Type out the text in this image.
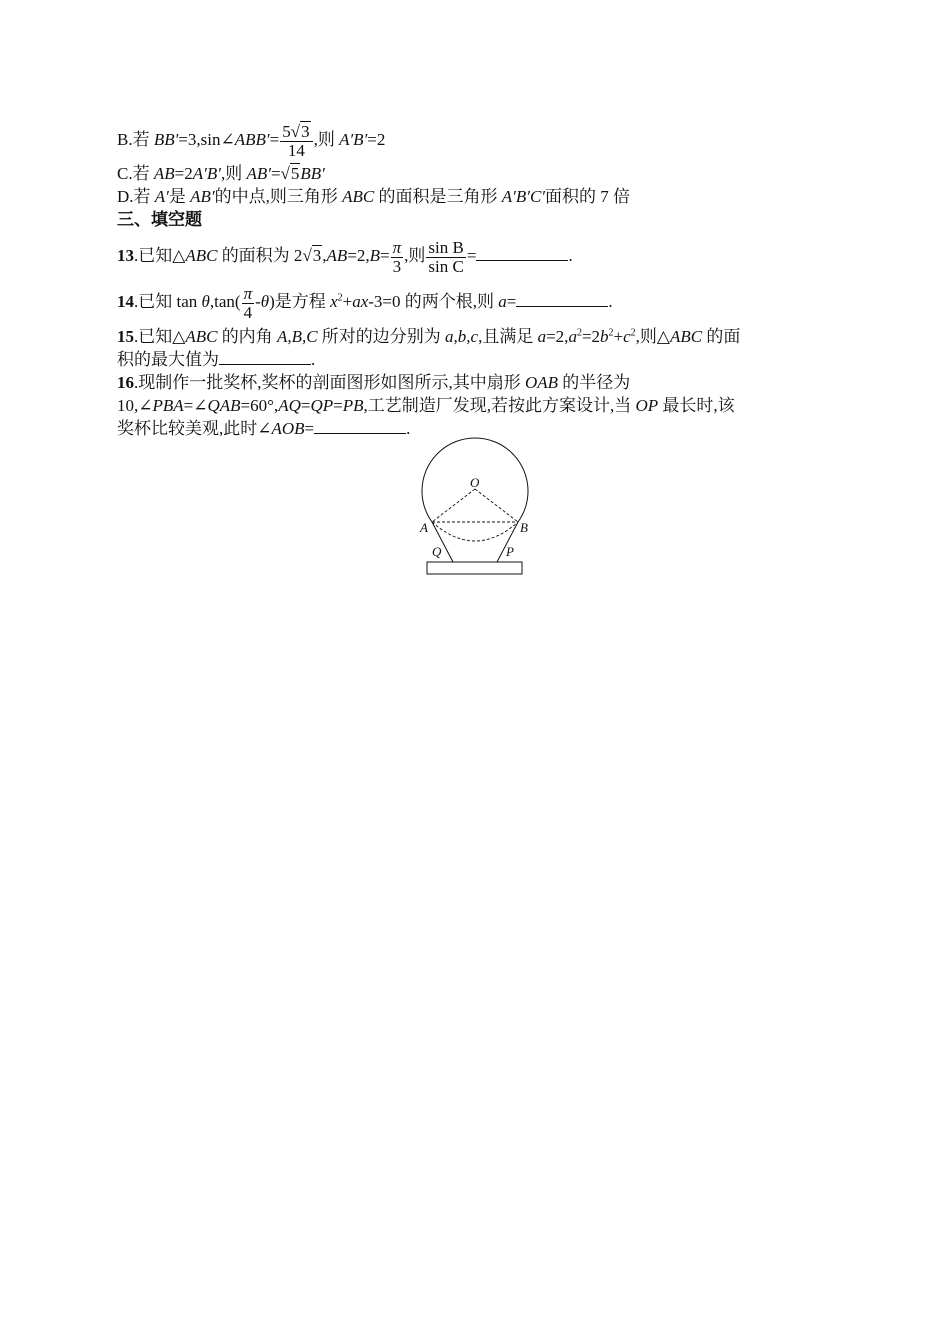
B.若 BB′=3,sin∠ABB′= $\frac{5√3}{14}$ ,则 A′B′=2
C.若 AB=2A′B′,则 AB′=√5BB′
D.若 A′是 AB′的中点,则三角形 ABC 的面积是三角形 A′B′C′面积的 7 倍
三、填空题
13.已知△ABC 的面积为 $2√3,AB=2,B= \frac{\pi}{3}$ ,则 $\frac{\text{sin B}}{\text{sin C}}$ =	.
14.已知 $\tan \theta,\tan( \frac{\pi}{4} -\theta)$是方程 $x^2+ax-3=0$ 的两个根,则 a=	.
15.已知△ABC 的内角 A,B,C 所对的边分别为 a,b,c,且满足 $a=2,a^2=2b^2+c^2$,则△ABC 的面
积的最大值为	.
16.现制作一批奖杯,奖杯的剖面图形如图所示,其中扇形 OAB 的半径为
10,∠PBA=∠QAB=60°,AQ=QP=PB,工艺制造厂发现,若按此方案设计,当 OP 最长时,该
奖杯比较美观,此时∠AOB=	.
O
A	B
Q	P
